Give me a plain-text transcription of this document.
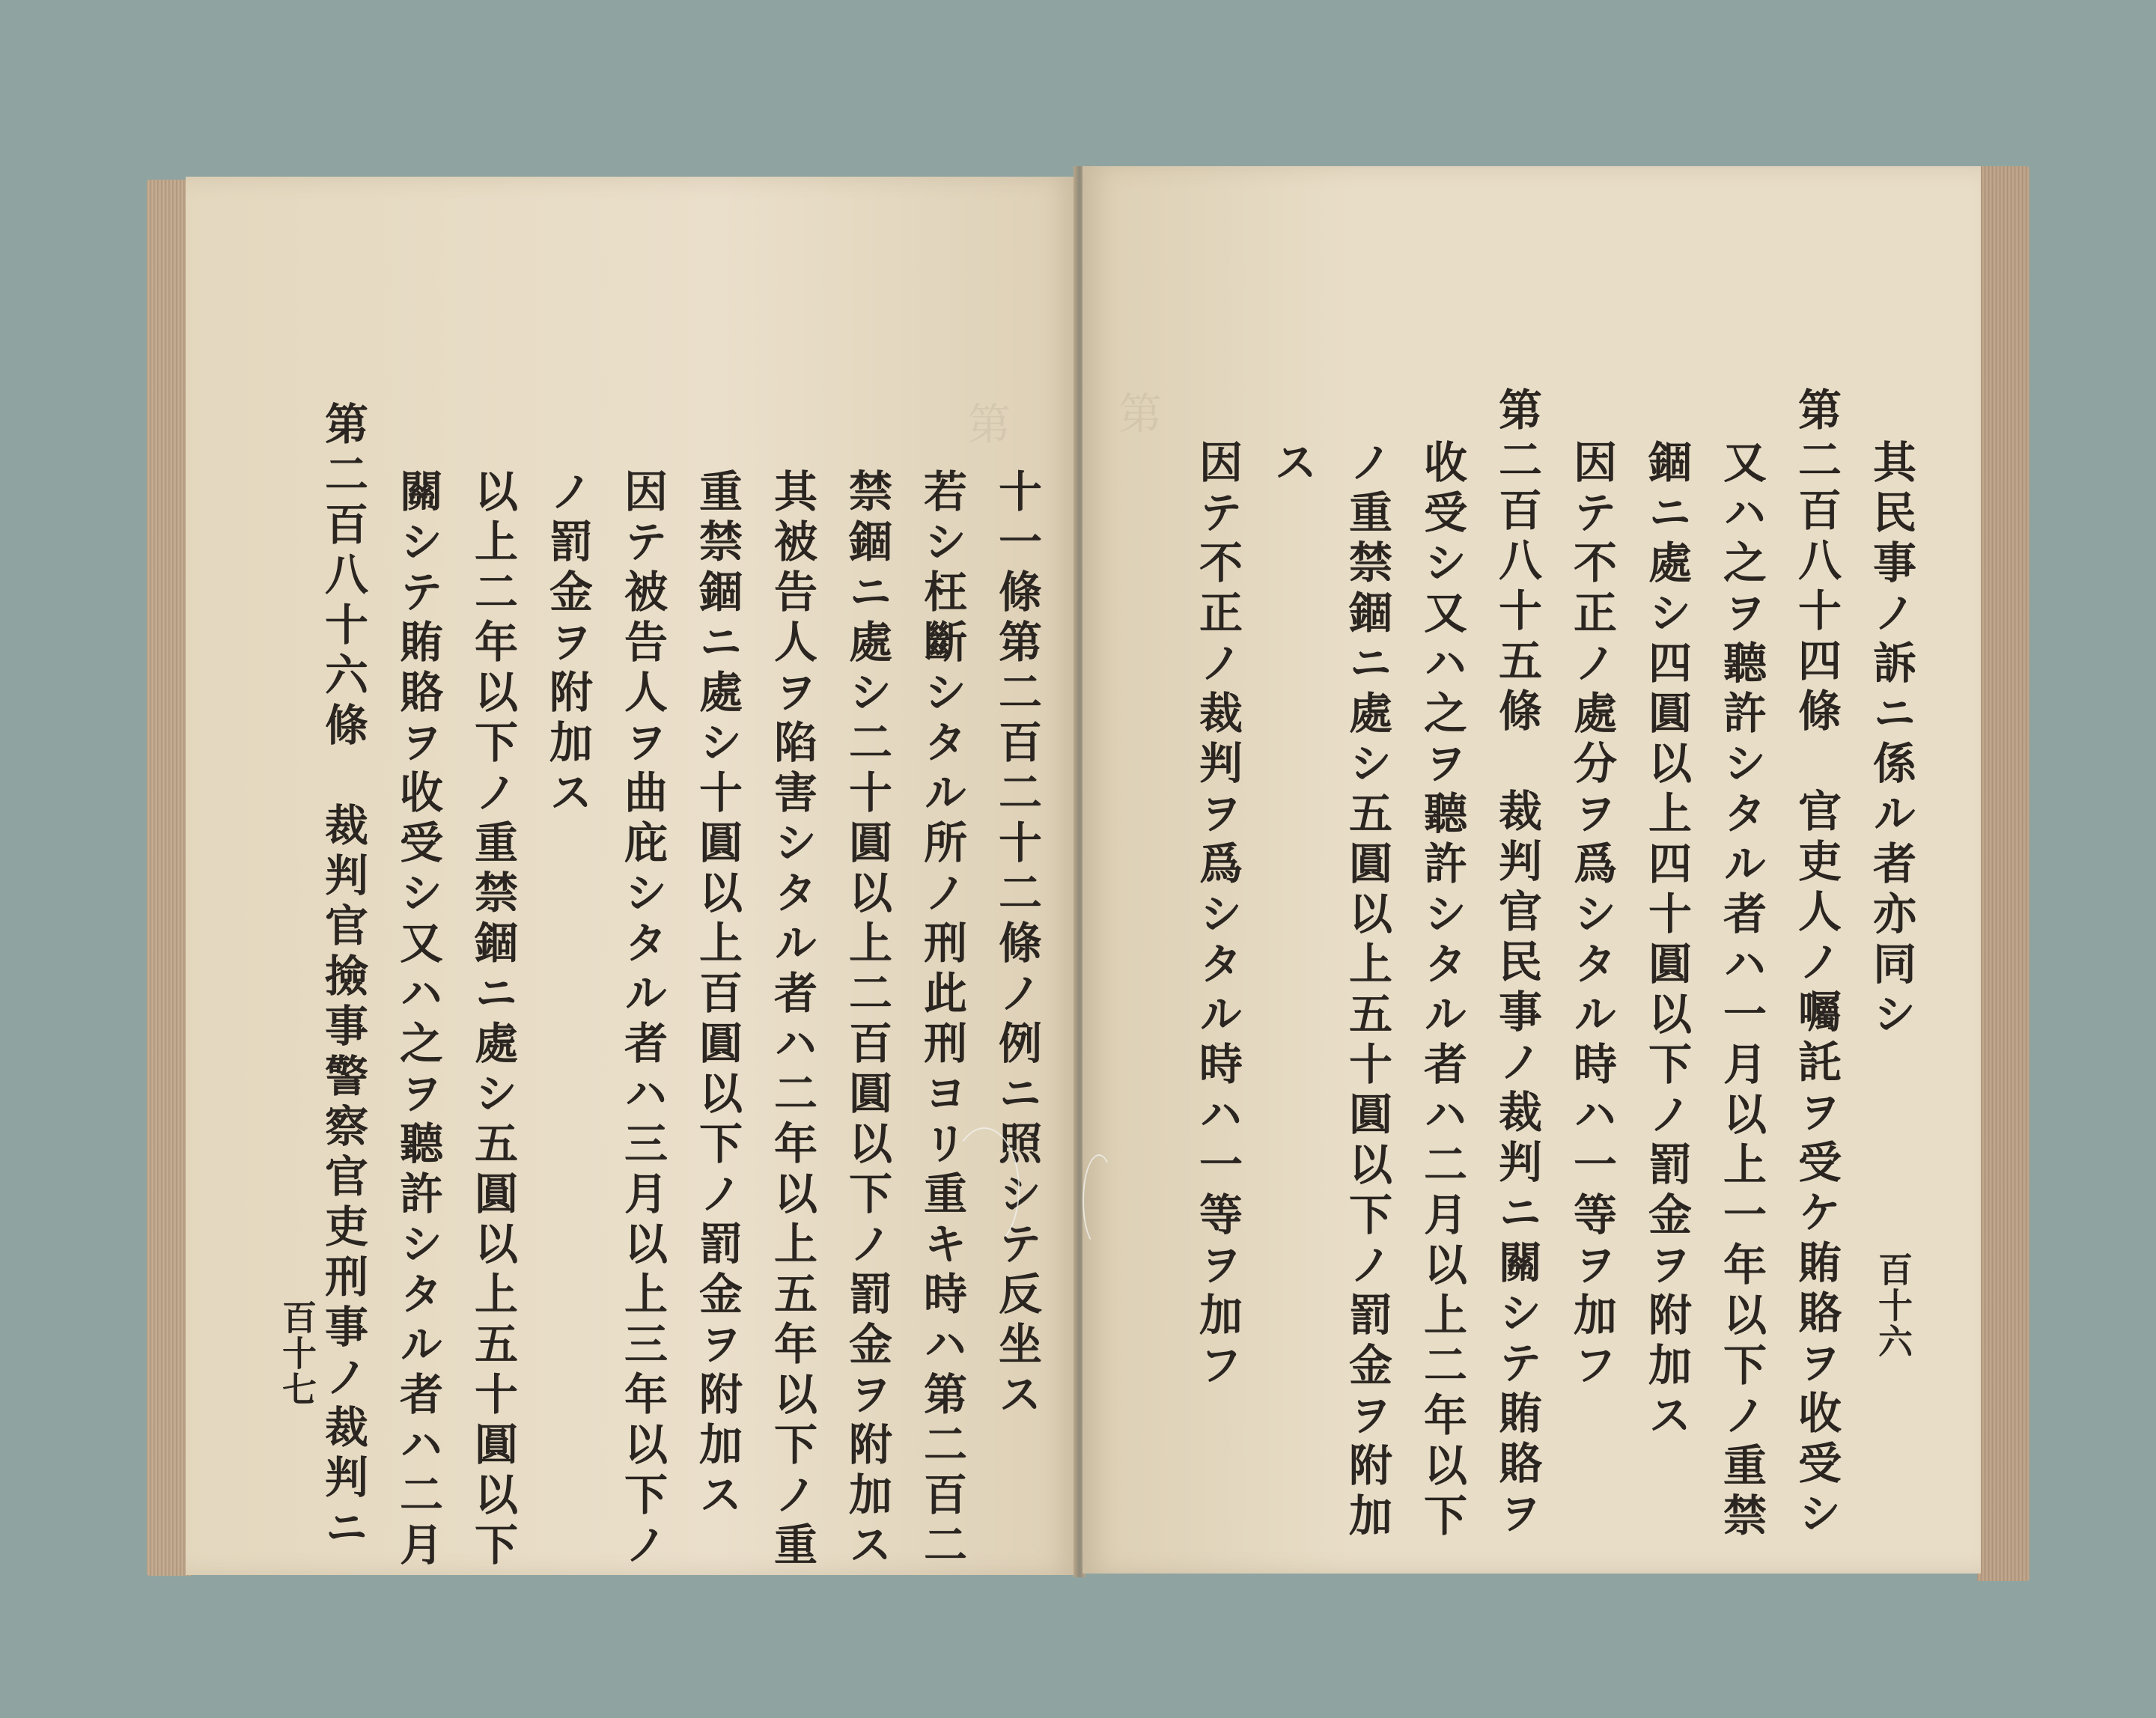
第
第二百八十六條　裁判官撿事警察官吏刑事ノ裁判ニ 關シテ賄賂ヲ收受シ又ハ之ヲ聽許シタル者ハ二月 以上二年以下ノ重禁錮ニ處シ五圓以上五十圓以下 ノ罰金ヲ附加ス 因テ被告人ヲ曲庇シタル者ハ三月以上三年以下ノ 重禁錮ニ處シ十圓以上百圓以下ノ罰金ヲ附加ス 其被告人ヲ陷害シタル者ハ二年以上五年以下ノ重 禁錮ニ處シ二十圓以上二百圓以下ノ罰金ヲ附加ス 若シ枉斷シタル所ノ刑此刑ヨリ重キ時ハ第二百二 十一條第二百二十二條ノ例ニ照シテ反坐ス
百十七
其民事ノ訴ニ係ル者亦同シ
第二百八十四條　官吏人ノ囑託ヲ受ケ賄賂ヲ收受シ
又ハ之ヲ聽許シタル者ハ一月以上一年以下ノ重禁
錮ニ處シ四圓以上四十圓以下ノ罰金ヲ附加ス
因テ不正ノ處分ヲ爲シタル時ハ一等ヲ加フ
第二百八十五條　裁判官民事ノ裁判ニ關シテ賄賂ヲ
收受シ又ハ之ヲ聽許シタル者ハ二月以上二年以下
ノ重禁錮ニ處シ五圓以上五十圓以下ノ罰金ヲ附加
ス
因テ不正ノ裁判ヲ爲シタル時ハ一等ヲ加フ
第
百十六
